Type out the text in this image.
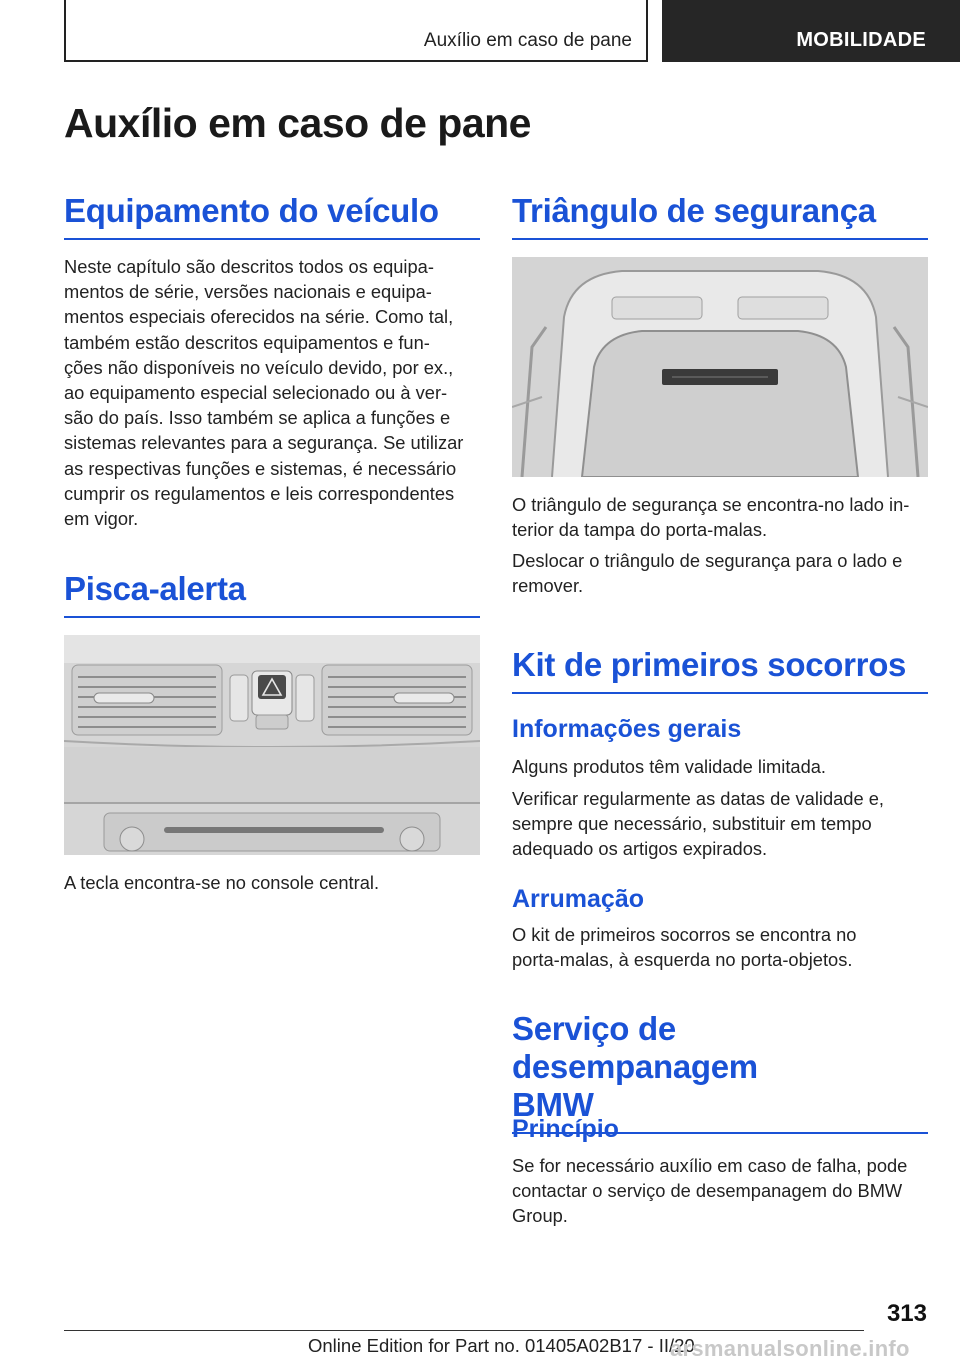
Auxílio em caso de pane	MOBILIDADE
Auxílio em caso de pane
Equipamento do veículo

Neste capítulo são descritos todos os equipa‐

mentos de série, versões nacionais e equipa‐

mentos especiais oferecidos na série. Como tal,

também estão descritos equipamentos e fun‐

ções não disponíveis no veículo devido, por ex.,

ao equipamento especial selecionado ou à ver‐

são do país. Isso também se aplica a funções e

sistemas relevantes para a segurança. Se utilizar

as respectivas funções e sistemas, é necessário

cumprir os regulamentos e leis correspondentes

em vigor.

Pisca-alerta

A tecla encontra-se no console central.

Triângulo de segurança

O triângulo de segurança se encontra-no lado in‐

terior da tampa do porta-malas.

Deslocar o triângulo de segurança para o lado e

remover.

Kit de primeiros socorros
Informações gerais

Alguns produtos têm validade limitada.

Verificar regularmente as datas de validade e,

sempre que necessário, substituir em tempo

adequado os artigos expirados.

Arrumação

O kit de primeiros socorros se encontra no

porta-malas, à esquerda no porta-objetos.

Serviço de desempanagem
BMW
Princípio

Se for necessário auxílio em caso de falha, pode

contactar o serviço de desempanagem do BMW

Group.

313
Online Edition for Part no. 01405A02B17 - II/20
arsmanualsonline.info
